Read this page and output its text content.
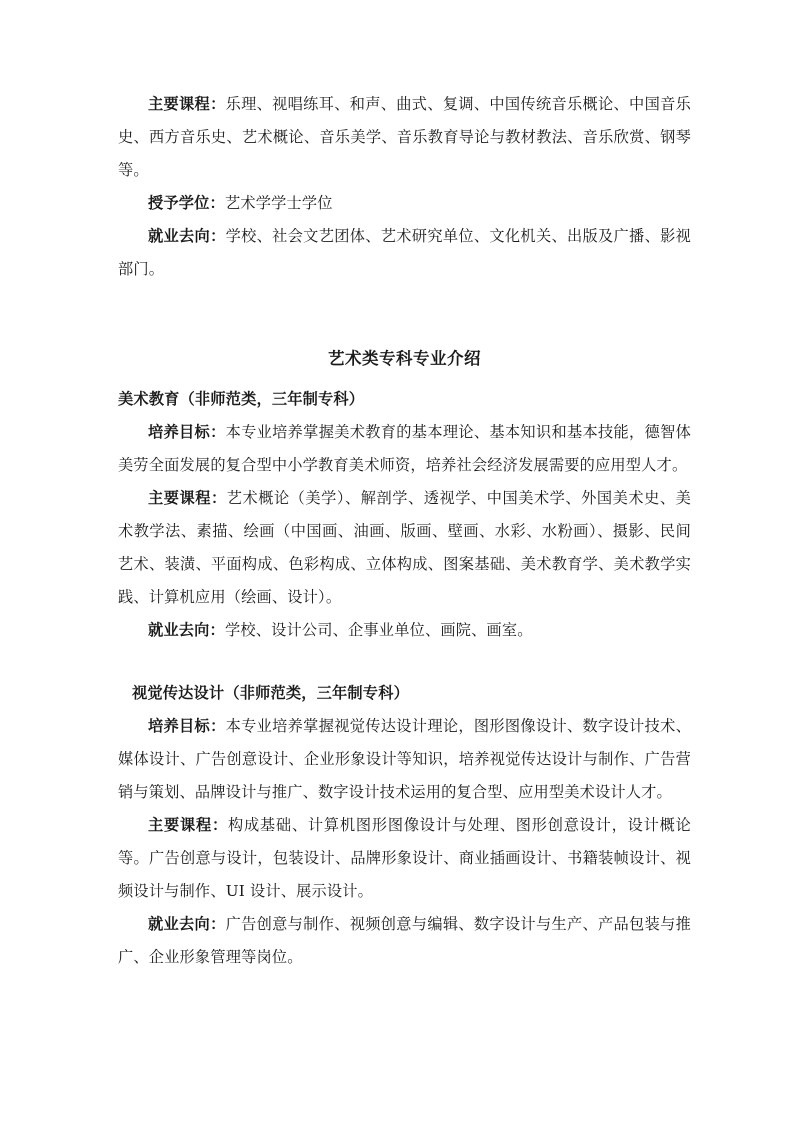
主要课程：乐理、视唱练耳、和声、曲式、复调、中国传统音乐概论、中国音乐史、西方音乐史、艺术概论、音乐美学、音乐教育导论与教材教法、音乐欣赏、钢琴等。

授予学位：艺术学学士学位

就业去向：学校、社会文艺团体、艺术研究单位、文化机关、出版及广播、影视部门。

艺术类专科专业介绍

美术教育（非师范类，三年制专科）

培养目标：本专业培养掌握美术教育的基本理论、基本知识和基本技能，德智体美劳全面发展的复合型中小学教育美术师资，培养社会经济发展需要的应用型人才。

主要课程：艺术概论（美学）、解剖学、透视学、中国美术学、外国美术史、美术教学法、素描、绘画（中国画、油画、版画、壁画、水彩、水粉画）、摄影、民间艺术、装潢、平面构成、色彩构成、立体构成、图案基础、美术教育学、美术教学实践、计算机应用（绘画、设计）。

就业去向：学校、设计公司、企事业单位、画院、画室。

视觉传达设计（非师范类，三年制专科）

培养目标：本专业培养掌握视觉传达设计理论，图形图像设计、数字设计技术、媒体设计、广告创意设计、企业形象设计等知识，培养视觉传达设计与制作、广告营销与策划、品牌设计与推广、数字设计技术运用的复合型、应用型美术设计人才。

主要课程：构成基础、计算机图形图像设计与处理、图形创意设计，设计概论等。广告创意与设计，包装设计、品牌形象设计、商业插画设计、书籍装帧设计、视频设计与制作、UI 设计、展示设计。

就业去向：广告创意与制作、视频创意与编辑、数字设计与生产、产品包装与推广、企业形象管理等岗位。
